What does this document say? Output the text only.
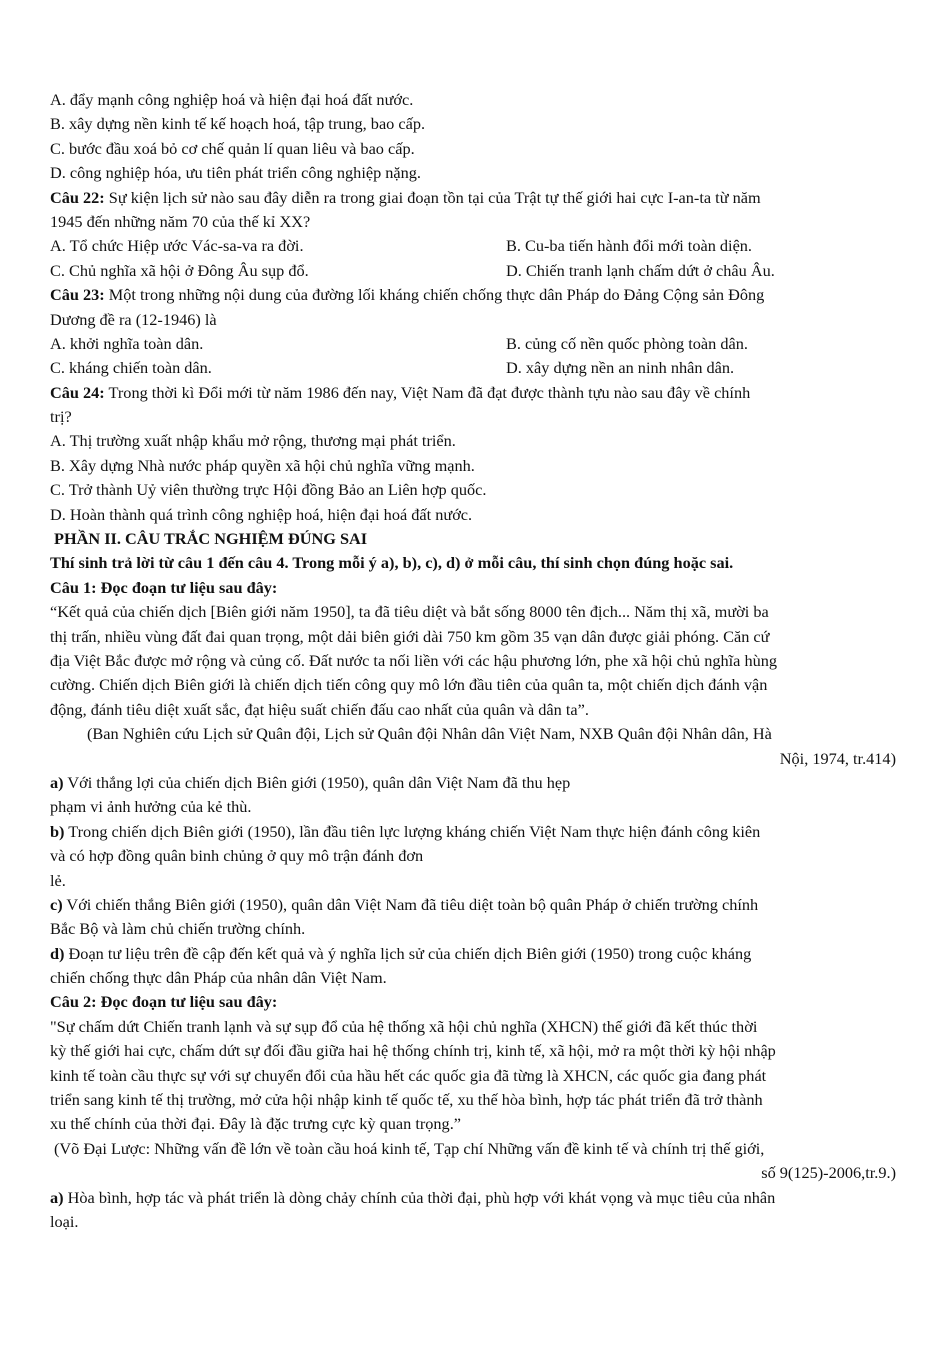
A. đẩy mạnh công nghiệp hoá và hiện đại hoá đất nước.
B. xây dựng nền kinh tế kế hoạch hoá, tập trung, bao cấp.
C. bước đầu xoá bỏ cơ chế quản lí quan liêu và bao cấp.
D. công nghiệp hóa, ưu tiên phát triển công nghiệp nặng.
Câu 22: Sự kiện lịch sử nào sau đây diễn ra trong giai đoạn tồn tại của Trật tự thế giới hai cực I-an-ta từ năm
1945 đến những năm 70 của thế kỉ XX?
A. Tổ chức Hiệp ước Vác-sa-va ra đời.	B. Cu-ba tiến hành đổi mới toàn diện.
C. Chủ nghĩa xã hội ở Đông Âu sụp đổ.	D. Chiến tranh lạnh chấm dứt ở châu Âu.
Câu 23: Một trong những nội dung của đường lối kháng chiến chống thực dân Pháp do Đảng Cộng sản Đông
Dương đề ra (12-1946) là
A. khởi nghĩa toàn dân.	B. củng cố nền quốc phòng toàn dân.
C. kháng chiến toàn dân.	D. xây dựng nền an ninh nhân dân.
Câu 24: Trong thời kì Đổi mới từ năm 1986 đến nay, Việt Nam đã đạt được thành tựu nào sau đây về chính
trị?
A. Thị trường xuất nhập khẩu mở rộng, thương mại phát triển.
B. Xây dựng Nhà nước pháp quyền xã hội chủ nghĩa vững mạnh.
C. Trở thành Uỷ viên thường trực Hội đồng Bảo an Liên hợp quốc.
D. Hoàn thành quá trình công nghiệp hoá, hiện đại hoá đất nước.
PHẦN II. CÂU TRẮC NGHIỆM ĐÚNG SAI
Thí sinh trả lời từ câu 1 đến câu 4. Trong mỗi ý a), b), c), d) ở mỗi câu, thí sinh chọn đúng hoặc sai.
Câu 1: Đọc đoạn tư liệu sau đây:
“Kết quả của chiến dịch [Biên giới năm 1950], ta đã tiêu diệt và bắt sống 8000 tên địch... Năm thị xã, mười ba
thị trấn, nhiều vùng đất đai quan trọng, một dải biên giới dài 750 km gồm 35 vạn dân được giải phóng. Căn cứ
địa Việt Bắc được mở rộng và củng cố. Đất nước ta nối liền với các hậu phương lớn, phe xã hội chủ nghĩa hùng
cường. Chiến dịch Biên giới là chiến dịch tiến công quy mô lớn đầu tiên của quân ta, một chiến dịch đánh vận
động, đánh tiêu diệt xuất sắc, đạt hiệu suất chiến đấu cao nhất của quân và dân ta”.
(Ban Nghiên cứu Lịch sử Quân đội, Lịch sử Quân đội Nhân dân Việt Nam, NXB Quân đội Nhân dân, Hà
Nội, 1974, tr.414)
a) Với thắng lợi của chiến dịch Biên giới (1950), quân dân Việt Nam đã thu hẹp
phạm vi ảnh hưởng của kẻ thù.
b) Trong chiến dịch Biên giới (1950), lần đầu tiên lực lượng kháng chiến Việt Nam thực hiện đánh công kiên
và có hợp đồng quân binh chủng ở quy mô trận đánh đơn
lẻ.
c) Với chiến thắng Biên giới (1950), quân dân Việt Nam đã tiêu diệt toàn bộ quân Pháp ở chiến trường chính
Bắc Bộ và làm chủ chiến trường chính.
d) Đoạn tư liệu trên đề cập đến kết quả và ý nghĩa lịch sử của chiến dịch Biên giới (1950) trong cuộc kháng
chiến chống thực dân Pháp của nhân dân Việt Nam.
Câu 2: Đọc đoạn tư liệu sau đây:
"Sự chấm dứt Chiến tranh lạnh và sự sụp đổ của hệ thống xã hội chủ nghĩa (XHCN) thế giới đã kết thúc thời
kỳ thế giới hai cực, chấm dứt sự đối đầu giữa hai hệ thống chính trị, kinh tế, xã hội, mở ra một thời kỳ hội nhập
kinh tế toàn cầu thực sự với sự chuyển đổi của hầu hết các quốc gia đã từng là XHCN, các quốc gia đang phát
triển sang kinh tế thị trường, mở cửa hội nhập kinh tế quốc tế, xu thế hòa bình, hợp tác phát triển đã trở thành
xu thế chính của thời đại. Đây là đặc trưng cực kỳ quan trọng.”
(Võ Đại Lược: Những vấn đề lớn về toàn cầu hoá kinh tế, Tạp chí Những vấn đề kinh tế và chính trị thế giới,
số 9(125)-2006,tr.9.)
a) Hòa bình, hợp tác và phát triển là dòng chảy chính của thời đại, phù hợp với khát vọng và mục tiêu của nhân
loại.
